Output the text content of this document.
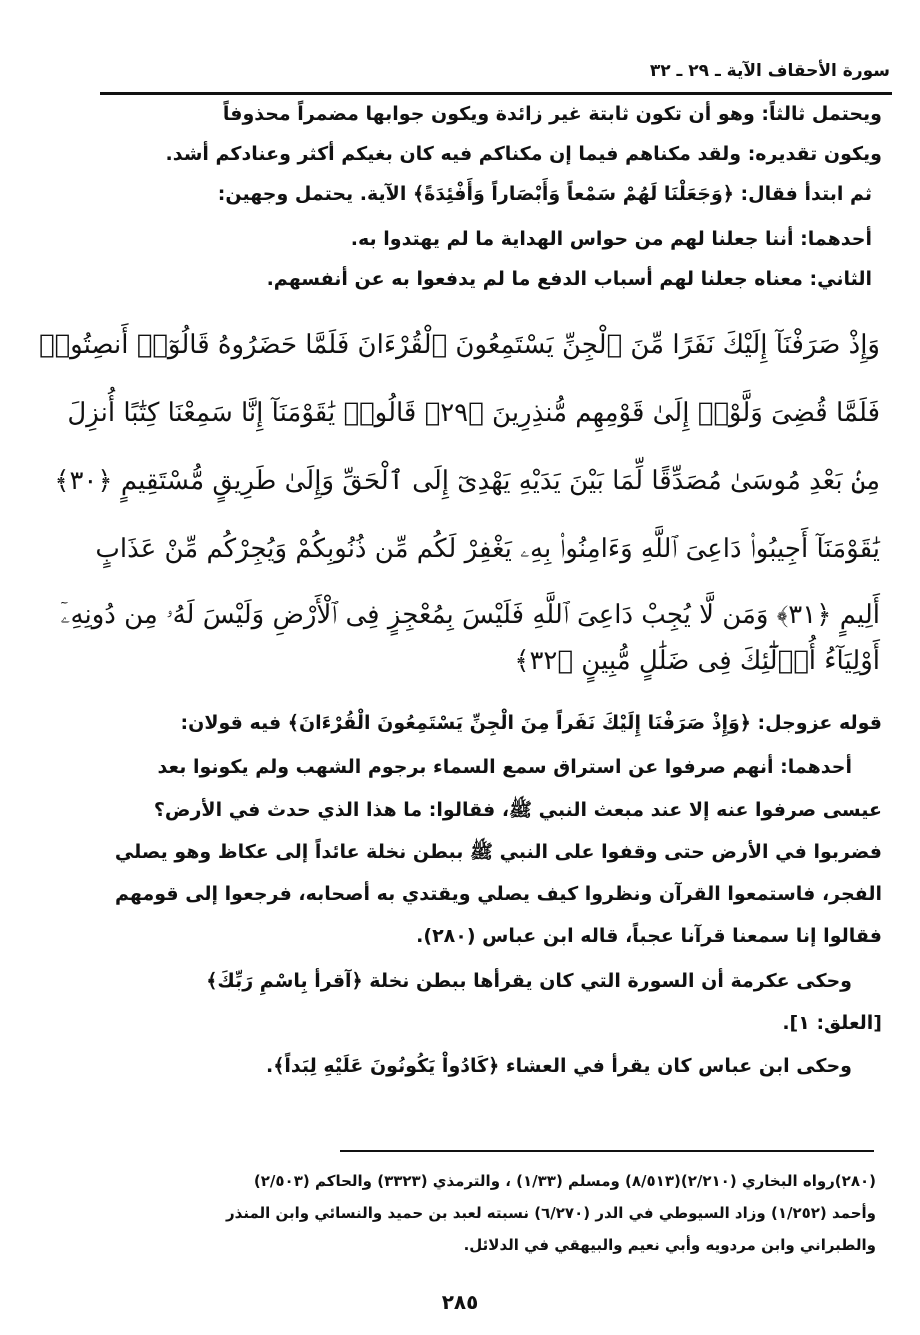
سورة الأحقاف الآية ـ ٢٩ ـ ٣٢
ويحتمل ثالثاً: وهو أن تكون ثابتة غير زائدة ويكون جوابها مضمراً محذوفاً
ويكون تقديره: ولقد مكناهم فيما إن مكناكم فيه كان بغيكم أكثر وعنادكم أشد.
ثم ابتدأ فقال: ﴿وَجَعَلْنَا لَهُمْ سَمْعاً وَأَبْصَاراً وَأَفْئِدَةً﴾ الآية. يحتمل وجهين:
أحدهما: أننا جعلنا لهم من حواس الهداية ما لم يهتدوا به.
الثاني: معناه جعلنا لهم أسباب الدفع ما لم يدفعوا به عن أنفسهم.
وَإِذْ صَرَفْنَآ إِلَيْكَ نَفَرًا مِّنَ ٱلْجِنِّ يَسْتَمِعُونَ ٱلْقُرْءَانَ فَلَمَّا حَضَرُوهُ قَالُوٓا۟ أَنصِتُوا۟
فَلَمَّا قُضِىَ وَلَّوْا۟ إِلَىٰ قَوْمِهِم مُّنذِرِينَ ﴿٢٩﴾ قَالُوا۟ يَٰقَوْمَنَآ إِنَّا سَمِعْنَا كِتَٰبًا أُنزِلَ
مِنۢ بَعْدِ مُوسَىٰ مُصَدِّقًا لِّمَا بَيْنَ يَدَيْهِ يَهْدِىٓ إِلَى ٱلْحَقِّ وَإِلَىٰ طَرِيقٍ مُّسْتَقِيمٍ ﴿٣٠﴾
يَٰقَوْمَنَآ أَجِيبُوا۟ دَاعِىَ ٱللَّهِ وَءَامِنُوا۟ بِهِۦ يَغْفِرْ لَكُم مِّن ذُنُوبِكُمْ وَيُجِرْكُم مِّنْ عَذَابٍ
أَلِيمٍ ﴿٣١﴾ وَمَن لَّا يُجِبْ دَاعِىَ ٱللَّهِ فَلَيْسَ بِمُعْجِزٍ فِى ٱلْأَرْضِ وَلَيْسَ لَهُۥ مِن دُونِهِۦٓ
أَوْلِيَآءُ أُو۟لَٰٓئِكَ فِى ضَلَٰلٍ مُّبِينٍ ﴿٣٢﴾
قوله عزوجل: ﴿وَإِذْ صَرَفْنَا إِلَيْكَ نَفَراً مِنَ الْجِنِّ يَسْتَمِعُونَ الْقُرْءَانَ﴾ فيه قولان:
أحدهما: أنهم صرفوا عن استراق سمع السماء برجوم الشهب ولم يكونوا بعد
عيسى صرفوا عنه إلا عند مبعث النبي ﷺ، فقالوا: ما هذا الذي حدث في الأرض؟
فضربوا في الأرض حتى وقفوا على النبي ﷺ ببطن نخلة عائداً إلى عكاظ وهو يصلي
الفجر، فاستمعوا القرآن ونظروا كيف يصلي ويقتدي به أصحابه، فرجعوا إلى قومهم
فقالوا إنا سمعنا قرآنا عجباً، قاله ابن عباس (٢٨٠).
وحكى عكرمة أن السورة التي كان يقرأها ببطن نخلة ﴿آقرأ بِاسْمِ رَبِّكَ﴾
[العلق: ١].
وحكى ابن عباس كان يقرأ في العشاء ﴿كَادُواْ يَكُونُونَ عَلَيْهِ لِبَداً﴾.
(٢٨٠)رواه البخاري (٢/٢١٠)(٨/٥١٣) ومسلم (١/٣٣) ، والترمذي (٣٣٢٣) والحاكم (٢/٥٠٣)
وأحمد (١/٢٥٢) وزاد السيوطي في الدر (٦/٢٧٠) نسبته لعبد بن حميد والنسائي وابن المنذر
والطبراني وابن مردويه وأبي نعيم والبيهقي في الدلائل.
٢٨٥
